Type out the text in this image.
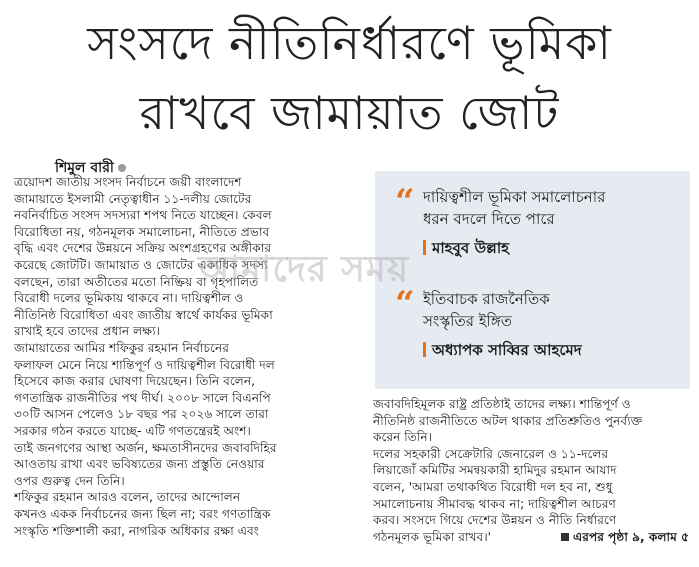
সংসদে নীতিনির্ধারণে ভূমিকা
রাখবে জামায়াত জোট
শিমুল বারী
ত্রয়োদশ জাতীয় সংসদ নির্বাচনে জয়ী বাংলাদেশ
জামায়াতে ইসলামী নেতৃত্বাধীন ১১-দলীয় জোটের
নবনির্বাচিত সংসদ সদস্যরা শপথ নিতে যাচ্ছেন। কেবল
বিরোধিতা নয়, গঠনমূলক সমালোচনা, নীতিতে প্রভাব
বৃদ্ধি এবং দেশের উন্নয়নে সক্রিয় অংশগ্রহণের অঙ্গীকার
করেছে জোটটি। জামায়াত ও জোটের একাধিক সদস্য
বলছেন, তারা অতীতের মতো নিষ্ক্রিয় বা গৃহপালিত
বিরোধী দলের ভূমিকায় থাকবে না। দায়িত্বশীল ও
নীতিনিষ্ঠ বিরোধিতা এবং জাতীয় স্বার্থে কার্যকর ভূমিকা
রাখাই হবে তাদের প্রধান লক্ষ্য।
জামায়াতের আমির শফিকুর রহমান নির্বাচনের
ফলাফল মেনে নিয়ে শান্তিপূর্ণ ও দায়িত্বশীল বিরোধী দল
হিসেবে কাজ করার ঘোষণা দিয়েছেন। তিনি বলেন,
গণতান্ত্রিক রাজনীতির পথ দীর্ঘ। ২০০৮ সালে বিএনপি
৩০টি আসন পেলেও ১৮ বছর পর ২০২৬ সালে তারা
সরকার গঠন করতে যাচ্ছে- এটি গণতন্ত্রেরই অংশ।
তাই জনগণের আস্থা অর্জন, ক্ষমতাসীনদের জবাবদিহির
আওতায় রাখা এবং ভবিষ্যতের জন্য প্রস্তুতি নেওয়ার
ওপর গুরুত্ব দেন তিনি।
শফিকুর রহমান আরও বলেন, তাদের আন্দোলন
কখনও একক নির্বাচনের জন্য ছিল না; বরং গণতান্ত্রিক
সংস্কৃতি শক্তিশালী করা, নাগরিক অধিকার রক্ষা এবং
“ দায়িত্বশীল ভূমিকা সমালোচনার
ধরন বদলে দিতে পারে
মাহবুব উল্লাহ
“ ইতিবাচক রাজনৈতিক
সংস্কৃতির ইঙ্গিত
অধ্যাপক সাব্বির আহমেদ
জবাবদিহিমূলক রাষ্ট্র প্রতিষ্ঠাই তাদের লক্ষ্য। শান্তিপূর্ণ ও
নীতিনিষ্ঠ রাজনীতিতে অটল থাকার প্রতিশ্রুতিও পুনর্ব্যক্ত
করেন তিনি।
দলের সহকারী সেক্রেটারি জেনারেল ও ১১-দলের
লিয়াজোঁ কমিটির সমন্বয়কারী হামিদুর রহমান আযাদ
বলেন, 'আমরা তথাকথিত বিরোধী দল হব না, শুধু
সমালোচনায় সীমাবদ্ধ থাকব না; দায়িত্বশীল আচরণ
করব। সংসদে গিয়ে দেশের উন্নয়ন ও নীতি নির্ধারণে
গঠনমূলক ভূমিকা রাখব।'	এরপর পৃষ্ঠা ৯, কলাম ৫
আমাদের সময়
